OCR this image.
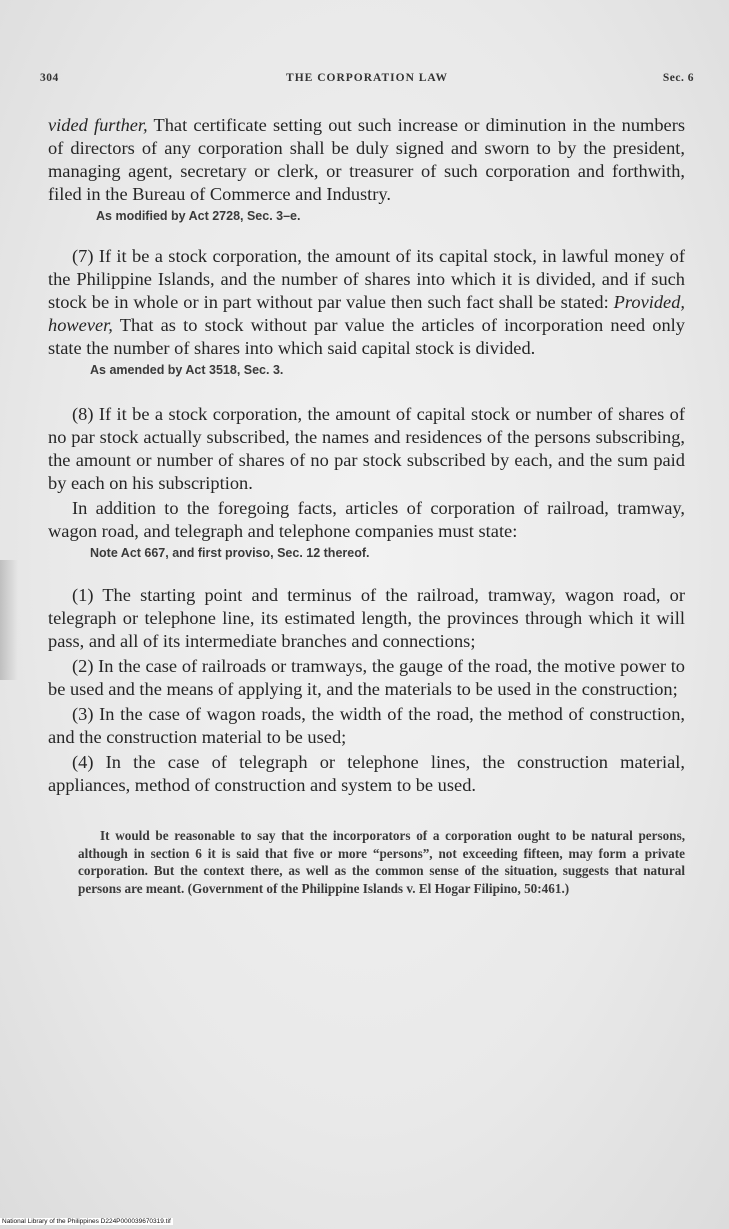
304	THE CORPORATION LAW	Sec. 6

vided further, That certificate setting out such increase or diminution in the numbers of directors of any corporation shall be duly signed and sworn to by the president, managing agent, secretary or clerk, or treasurer of such corporation and forthwith, filed in the Bureau of Commerce and Industry.

As modified by Act 2728, Sec. 3–e.

(7) If it be a stock corporation, the amount of its capital stock, in lawful money of the Philippine Islands, and the number of shares into which it is divided, and if such stock be in whole or in part without par value then such fact shall be stated: Provided, however, That as to stock without par value the articles of incorporation need only state the number of shares into which said capital stock is divided.

As amended by Act 3518, Sec. 3.

(8) If it be a stock corporation, the amount of capital stock or number of shares of no par stock actually subscribed, the names and residences of the persons subscribing, the amount or number of shares of no par stock subscribed by each, and the sum paid by each on his subscription.

In addition to the foregoing facts, articles of corporation of railroad, tramway, wagon road, and telegraph and telephone companies must state:

Note Act 667, and first proviso, Sec. 12 thereof.

(1) The starting point and terminus of the railroad, tramway, wagon road, or telegraph or telephone line, its estimated length, the provinces through which it will pass, and all of its intermediate branches and connections;

(2) In the case of railroads or tramways, the gauge of the road, the motive power to be used and the means of applying it, and the materials to be used in the construction;

(3) In the case of wagon roads, the width of the road, the method of construction, and the construction material to be used;

(4) In the case of telegraph or telephone lines, the construction material, appliances, method of construction and system to be used.

It would be reasonable to say that the incorporators of a corporation ought to be natural persons, although in section 6 it is said that five or more “persons”, not exceeding fifteen, may form a private corporation. But the context there, as well as the common sense of the situation, suggests that natural persons are meant. (Government of the Philippine Islands v. El Hogar Filipino, 50:461.)

National Library of the Philippines D224P000039670319.tif
